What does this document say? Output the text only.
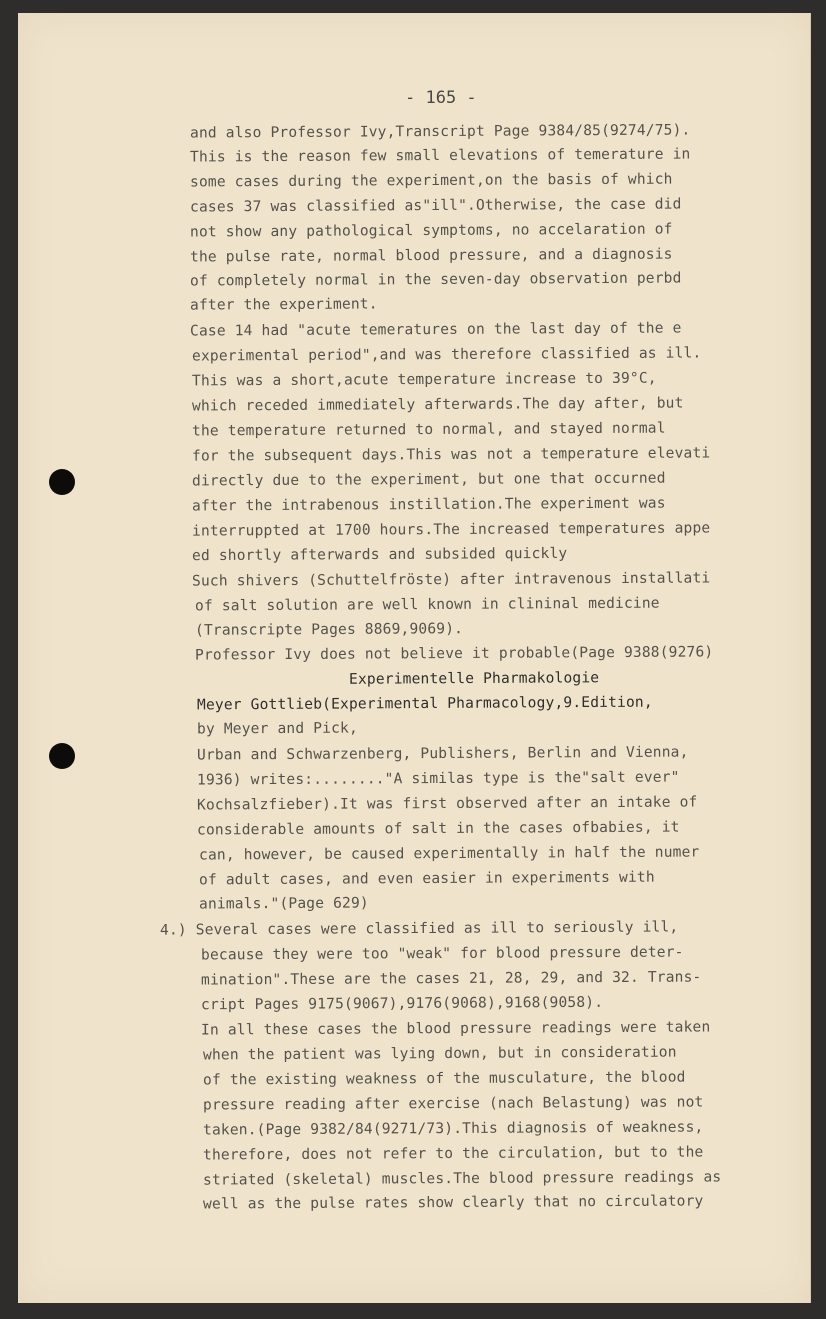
- 165 -
and also Professor Ivy,Transcript Page 9384/85(9274/75).
This is the reason few small elevations of temerature in
some cases during the experiment,on the basis of which
cases 37 was classified as"ill".Otherwise, the case did
not show any pathological symptoms, no accelaration of
the pulse rate, normal blood pressure, and a diagnosis
of completely normal in the seven-day observation perbd
after the experiment.
Case 14 had "acute temeratures on the last day of the e
experimental period",and was therefore classified as ill.
This was a short,acute temperature increase to 39°C,
which receded immediately afterwards.The day after, but
the temperature returned to normal, and stayed normal
for the subsequent days.This was not a temperature elevati
directly due to the experiment, but one that occurned
after the intrabenous instillation.The experiment was
interruppted at 1700 hours.The increased temperatures appe
ed shortly afterwards and subsided quickly
Such shivers (Schuttelfröste) after intravenous installati
of salt solution are well known in clininal medicine
(Transcripte Pages 8869,9069).
Professor Ivy does not believe it probable(Page 9388(9276)
Experimentelle Pharmakologie
Meyer Gottlieb(Experimental Pharmacology,9.Edition,
by Meyer and Pick,
Urban and Schwarzenberg, Publishers, Berlin and Vienna,
1936) writes:........"A similas type is the"salt ever"
Kochsalzfieber).It was first observed after an intake of
considerable amounts of salt in the cases ofbabies, it
can, however, be caused experimentally in half the numer
of adult cases, and even easier in experiments with
animals."(Page 629)
4.) Several cases were classified as ill to seriously ill,
because they were too "weak" for blood pressure deter-
mination".These are the cases 21, 28, 29, and 32. Trans-
cript Pages 9175(9067),9176(9068),9168(9058).
In all these cases the blood pressure readings were taken
when the patient was lying down, but in consideration
of the existing weakness of the musculature, the blood
pressure reading after exercise (nach Belastung) was not
taken.(Page 9382/84(9271/73).This diagnosis of weakness,
therefore, does not refer to the circulation, but to the
striated (skeletal) muscles.The blood pressure readings as
well as the pulse rates show clearly that no circulatory
